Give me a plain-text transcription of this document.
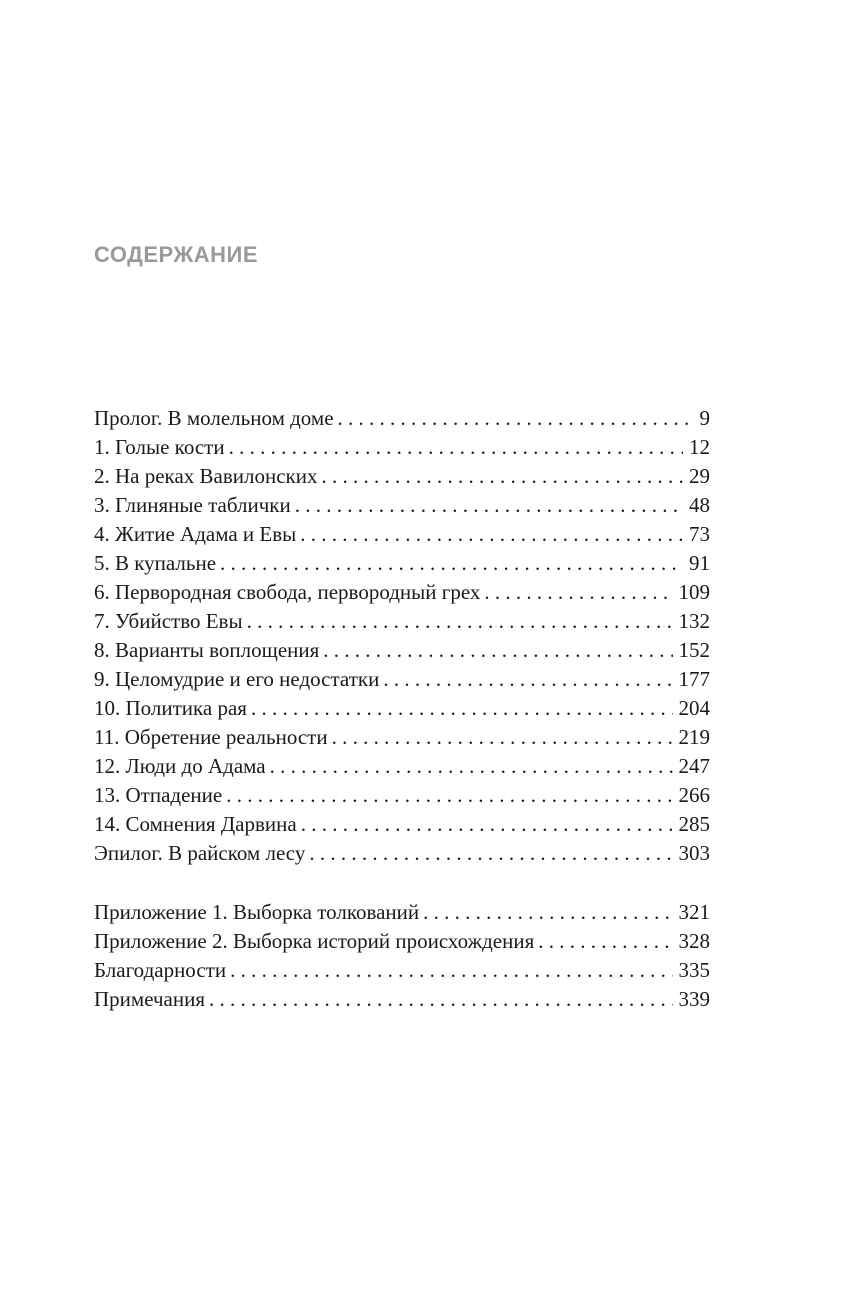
СОДЕРЖАНИЕ
Пролог. В молельном доме . . .	9
1. Голые кости . . .	12
2. На реках Вавилонских . . .	29
3. Глиняные таблички . . .	48
4. Житие Адама и Евы . . .	73
5. В купальне . . .	91
6. Первородная свобода, первородный грех . . .	109
7. Убийство Евы . . .	132
8. Варианты воплощения . . .	152
9. Целомудрие и его недостатки . . .	177
10. Политика рая . . .	204
11. Обретение реальности . . .	219
12. Люди до Адама . . .	247
13. Отпадение . . .	266
14. Сомнения Дарвина . . .	285
Эпилог. В райском лесу . . .	303
Приложение 1. Выборка толкований . . .	321
Приложение 2. Выборка историй происхождения . . .	328
Благодарности . . .	335
Примечания . . .	339
